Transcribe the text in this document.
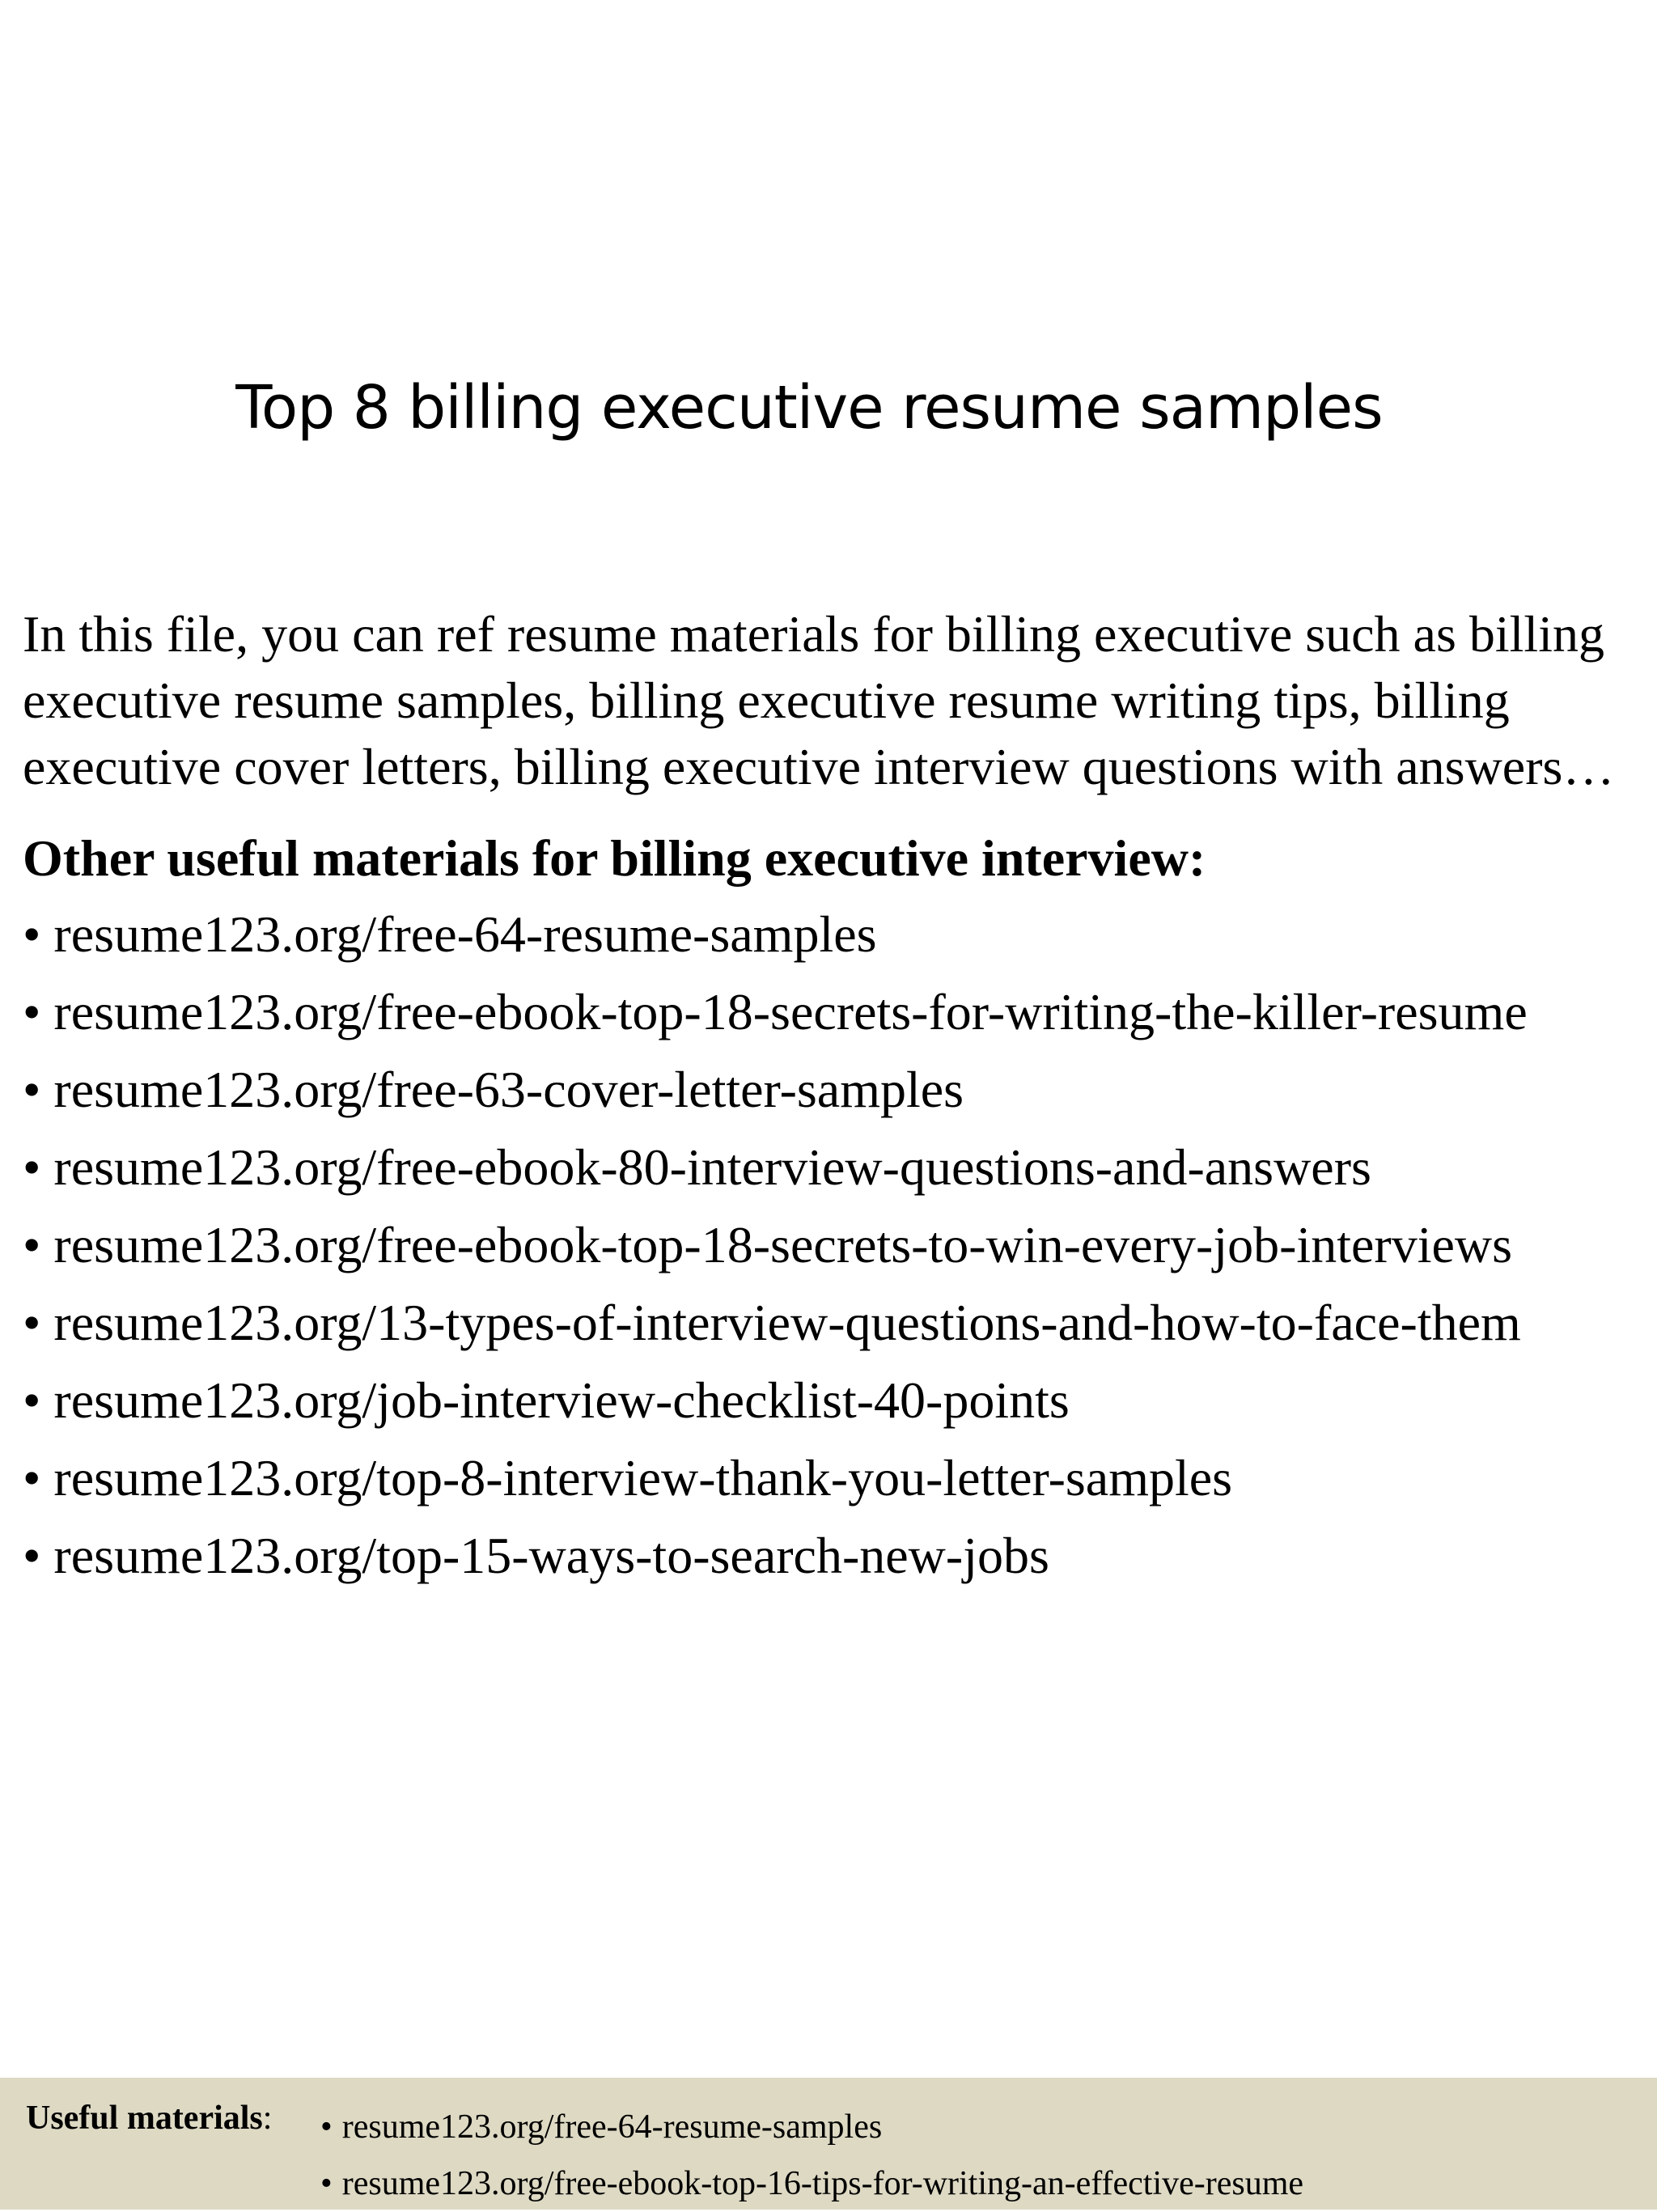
Top 8 billing executive resume samples

In this file, you can ref resume materials for billing executive such as billing executive resume samples, billing executive resume writing tips, billing executive cover letters, billing executive interview questions with answers…

Other useful materials for billing executive interview:

• resume123.org/free-64-resume-samples
• resume123.org/free-ebook-top-18-secrets-for-writing-the-killer-resume
• resume123.org/free-63-cover-letter-samples
• resume123.org/free-ebook-80-interview-questions-and-answers
• resume123.org/free-ebook-top-18-secrets-to-win-every-job-interviews
• resume123.org/13-types-of-interview-questions-and-how-to-face-them
• resume123.org/job-interview-checklist-40-points
• resume123.org/top-8-interview-thank-you-letter-samples
• resume123.org/top-15-ways-to-search-new-jobs
Useful materials:
•	resume123.org/free-64-resume-samples
• resume123.org/free-ebook-top-16-tips-for-writing-an-effective-resume
